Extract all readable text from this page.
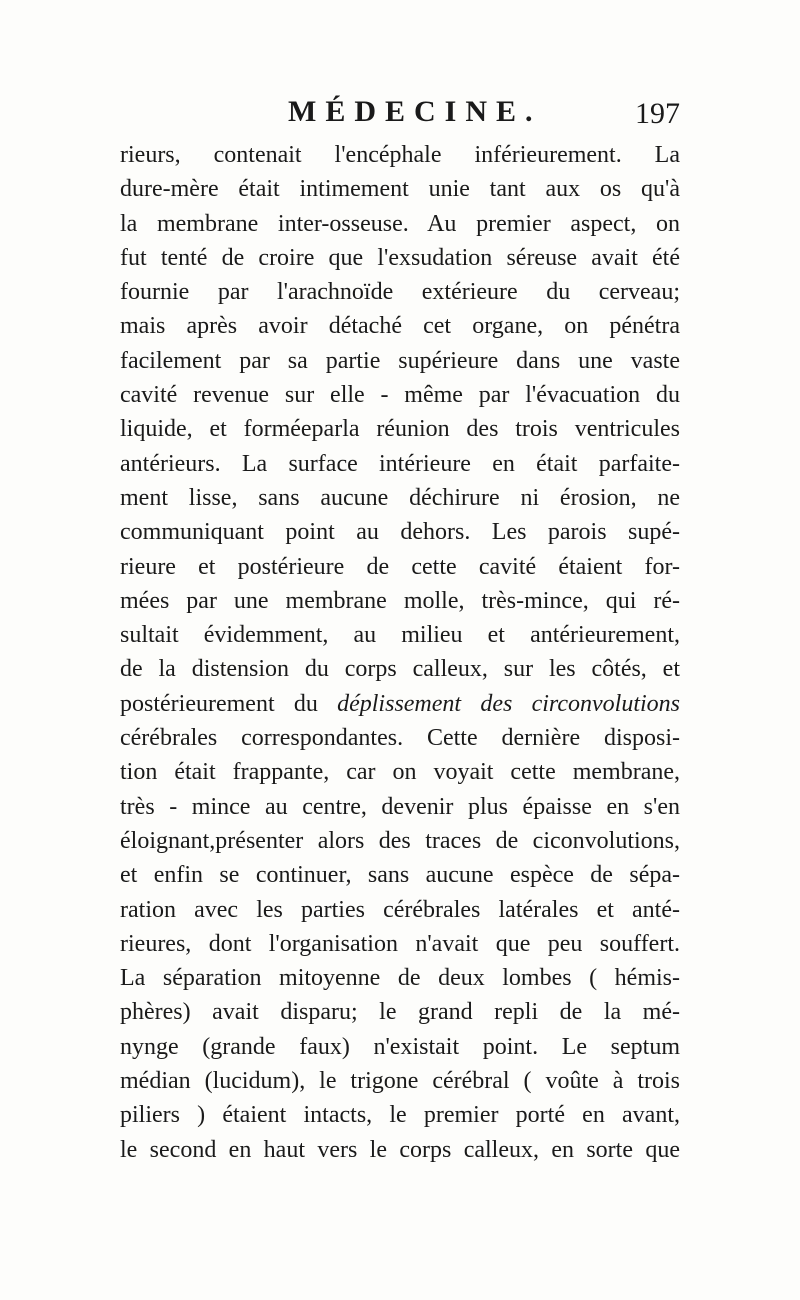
MÉDECINE.	197
rieurs, contenait l'encéphale inférieurement. La
dure-mère était intimement unie tant aux os qu'à
la membrane inter-osseuse. Au premier aspect, on
fut tenté de croire que l'exsudation séreuse avait été
fournie par l'arachnoïde extérieure du cerveau;
mais après avoir détaché cet organe, on pénétra
facilement par sa partie supérieure dans une vaste
cavité revenue sur elle - même par l'évacuation du
liquide, et forméeparla réunion des trois ventricules
antérieurs. La surface intérieure en était parfaite-
ment lisse, sans aucune déchirure ni érosion, ne
communiquant point au dehors. Les parois supé-
rieure et postérieure de cette cavité étaient for-
mées par une membrane molle, très-mince, qui ré-
sultait évidemment, au milieu et antérieurement,
de la distension du corps calleux, sur les côtés, et
postérieurement du déplissement des circonvolutions
cérébrales correspondantes. Cette dernière disposi-
tion était frappante, car on voyait cette membrane,
très - mince au centre, devenir plus épaisse en s'en
éloignant,présenter alors des traces de ciconvolutions,
et enfin se continuer, sans aucune espèce de sépa-
ration avec les parties cérébrales latérales et anté-
rieures, dont l'organisation n'avait que peu souffert.
La séparation mitoyenne de deux lombes ( hémis-
phères) avait disparu; le grand repli de la mé-
nynge (grande faux) n'existait point. Le septum
médian (lucidum), le trigone cérébral ( voûte à trois
piliers ) étaient intacts, le premier porté en avant,
le second en haut vers le corps calleux, en sorte que
